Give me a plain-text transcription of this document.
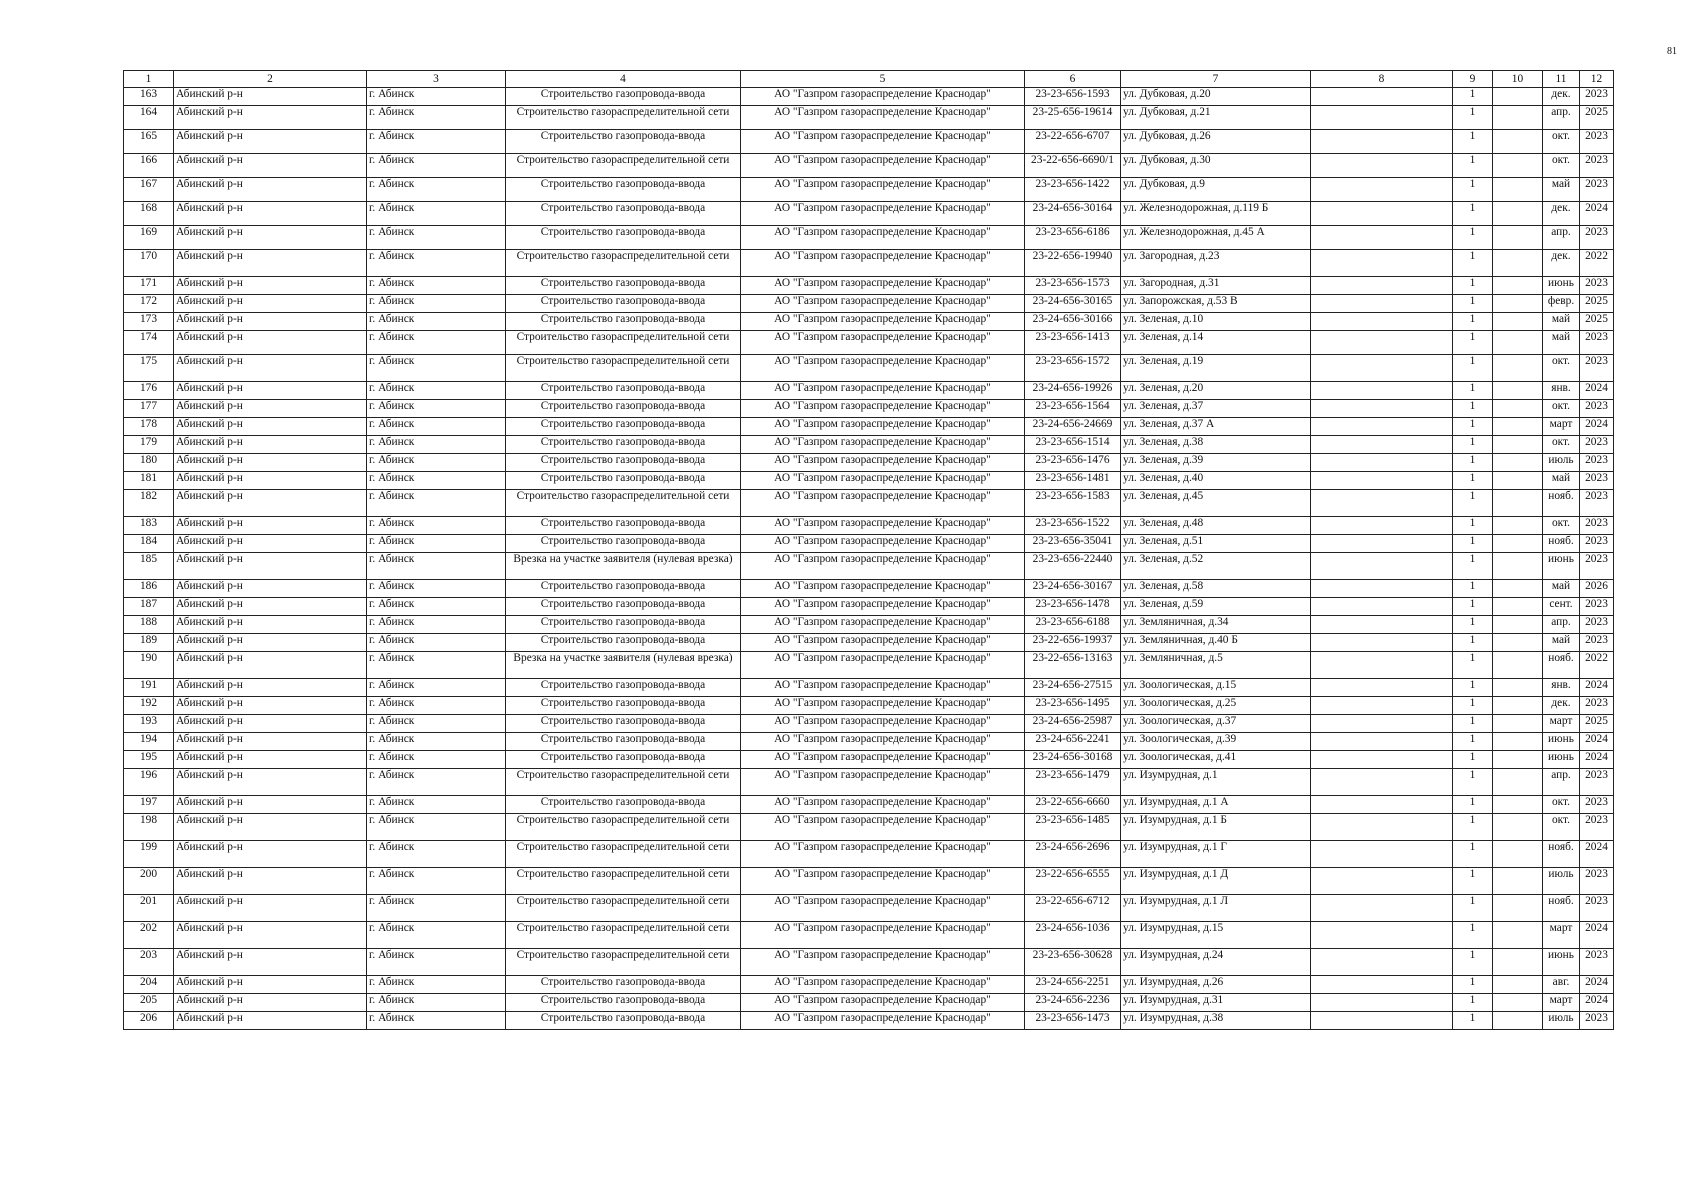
81
1	2	3	4	5	6	7	8	9	10	11	12
163	Абинский р-н	г. Абинск	Строительство газопровода-ввода	АО "Газпром газораспределение Краснодар"	23-23-656-1593	ул. Дубковая, д.20		1		дек.	2023
164	Абинский р-н	г. Абинск	Строительство газораспределительной сети	АО "Газпром газораспределение Краснодар"	23-25-656-19614	ул. Дубковая, д.21		1		апр.	2025
165	Абинский р-н	г. Абинск	Строительство газопровода-ввода	АО "Газпром газораспределение Краснодар"	23-22-656-6707	ул. Дубковая, д.26		1		окт.	2023
166	Абинский р-н	г. Абинск	Строительство газораспределительной сети	АО "Газпром газораспределение Краснодар"	23-22-656-6690/1	ул. Дубковая, д.30		1		окт.	2023
167	Абинский р-н	г. Абинск	Строительство газопровода-ввода	АО "Газпром газораспределение Краснодар"	23-23-656-1422	ул. Дубковая, д.9		1		май	2023
168	Абинский р-н	г. Абинск	Строительство газопровода-ввода	АО "Газпром газораспределение Краснодар"	23-24-656-30164	ул. Железнодорожная, д.119 Б		1		дек.	2024
169	Абинский р-н	г. Абинск	Строительство газопровода-ввода	АО "Газпром газораспределение Краснодар"	23-23-656-6186	ул. Железнодорожная, д.45 А		1		апр.	2023
170	Абинский р-н	г. Абинск	Строительство газораспределительной сети	АО "Газпром газораспределение Краснодар"	23-22-656-19940	ул. Загородная, д.23		1		дек.	2022
171	Абинский р-н	г. Абинск	Строительство газопровода-ввода	АО "Газпром газораспределение Краснодар"	23-23-656-1573	ул. Загородная, д.31		1		июнь	2023
172	Абинский р-н	г. Абинск	Строительство газопровода-ввода	АО "Газпром газораспределение Краснодар"	23-24-656-30165	ул. Запорожская, д.53 В		1		февр.	2025
173	Абинский р-н	г. Абинск	Строительство газопровода-ввода	АО "Газпром газораспределение Краснодар"	23-24-656-30166	ул. Зеленая, д.10		1		май	2025
174	Абинский р-н	г. Абинск	Строительство газораспределительной сети	АО "Газпром газораспределение Краснодар"	23-23-656-1413	ул. Зеленая, д.14		1		май	2023
175	Абинский р-н	г. Абинск	Строительство газораспределительной сети	АО "Газпром газораспределение Краснодар"	23-23-656-1572	ул. Зеленая, д.19		1		окт.	2023
176	Абинский р-н	г. Абинск	Строительство газопровода-ввода	АО "Газпром газораспределение Краснодар"	23-24-656-19926	ул. Зеленая, д.20		1		янв.	2024
177	Абинский р-н	г. Абинск	Строительство газопровода-ввода	АО "Газпром газораспределение Краснодар"	23-23-656-1564	ул. Зеленая, д.37		1		окт.	2023
178	Абинский р-н	г. Абинск	Строительство газопровода-ввода	АО "Газпром газораспределение Краснодар"	23-24-656-24669	ул. Зеленая, д.37 А		1		март	2024
179	Абинский р-н	г. Абинск	Строительство газопровода-ввода	АО "Газпром газораспределение Краснодар"	23-23-656-1514	ул. Зеленая, д.38		1		окт.	2023
180	Абинский р-н	г. Абинск	Строительство газопровода-ввода	АО "Газпром газораспределение Краснодар"	23-23-656-1476	ул. Зеленая, д.39		1		июль	2023
181	Абинский р-н	г. Абинск	Строительство газопровода-ввода	АО "Газпром газораспределение Краснодар"	23-23-656-1481	ул. Зеленая, д.40		1		май	2023
182	Абинский р-н	г. Абинск	Строительство газораспределительной сети	АО "Газпром газораспределение Краснодар"	23-23-656-1583	ул. Зеленая, д.45		1		нояб.	2023
183	Абинский р-н	г. Абинск	Строительство газопровода-ввода	АО "Газпром газораспределение Краснодар"	23-23-656-1522	ул. Зеленая, д.48		1		окт.	2023
184	Абинский р-н	г. Абинск	Строительство газопровода-ввода	АО "Газпром газораспределение Краснодар"	23-23-656-35041	ул. Зеленая, д.51		1		нояб.	2023
185	Абинский р-н	г. Абинск	Врезка на участке заявителя (нулевая врезка)	АО "Газпром газораспределение Краснодар"	23-23-656-22440	ул. Зеленая, д.52		1		июнь	2023
186	Абинский р-н	г. Абинск	Строительство газопровода-ввода	АО "Газпром газораспределение Краснодар"	23-24-656-30167	ул. Зеленая, д.58		1		май	2026
187	Абинский р-н	г. Абинск	Строительство газопровода-ввода	АО "Газпром газораспределение Краснодар"	23-23-656-1478	ул. Зеленая, д.59		1		сент.	2023
188	Абинский р-н	г. Абинск	Строительство газопровода-ввода	АО "Газпром газораспределение Краснодар"	23-23-656-6188	ул. Земляничная, д.34		1		апр.	2023
189	Абинский р-н	г. Абинск	Строительство газопровода-ввода	АО "Газпром газораспределение Краснодар"	23-22-656-19937	ул. Земляничная, д.40 Б		1		май	2023
190	Абинский р-н	г. Абинск	Врезка на участке заявителя (нулевая врезка)	АО "Газпром газораспределение Краснодар"	23-22-656-13163	ул. Земляничная, д.5		1		нояб.	2022
191	Абинский р-н	г. Абинск	Строительство газопровода-ввода	АО "Газпром газораспределение Краснодар"	23-24-656-27515	ул. Зоологическая, д.15		1		янв.	2024
192	Абинский р-н	г. Абинск	Строительство газопровода-ввода	АО "Газпром газораспределение Краснодар"	23-23-656-1495	ул. Зоологическая, д.25		1		дек.	2023
193	Абинский р-н	г. Абинск	Строительство газопровода-ввода	АО "Газпром газораспределение Краснодар"	23-24-656-25987	ул. Зоологическая, д.37		1		март	2025
194	Абинский р-н	г. Абинск	Строительство газопровода-ввода	АО "Газпром газораспределение Краснодар"	23-24-656-2241	ул. Зоологическая, д.39		1		июнь	2024
195	Абинский р-н	г. Абинск	Строительство газопровода-ввода	АО "Газпром газораспределение Краснодар"	23-24-656-30168	ул. Зоологическая, д.41		1		июнь	2024
196	Абинский р-н	г. Абинск	Строительство газораспределительной сети	АО "Газпром газораспределение Краснодар"	23-23-656-1479	ул. Изумрудная, д.1		1		апр.	2023
197	Абинский р-н	г. Абинск	Строительство газопровода-ввода	АО "Газпром газораспределение Краснодар"	23-22-656-6660	ул. Изумрудная, д.1 А		1		окт.	2023
198	Абинский р-н	г. Абинск	Строительство газораспределительной сети	АО "Газпром газораспределение Краснодар"	23-23-656-1485	ул. Изумрудная, д.1 Б		1		окт.	2023
199	Абинский р-н	г. Абинск	Строительство газораспределительной сети	АО "Газпром газораспределение Краснодар"	23-24-656-2696	ул. Изумрудная, д.1 Г		1		нояб.	2024
200	Абинский р-н	г. Абинск	Строительство газораспределительной сети	АО "Газпром газораспределение Краснодар"	23-22-656-6555	ул. Изумрудная, д.1 Д		1		июль	2023
201	Абинский р-н	г. Абинск	Строительство газораспределительной сети	АО "Газпром газораспределение Краснодар"	23-22-656-6712	ул. Изумрудная, д.1 Л		1		нояб.	2023
202	Абинский р-н	г. Абинск	Строительство газораспределительной сети	АО "Газпром газораспределение Краснодар"	23-24-656-1036	ул. Изумрудная, д.15		1		март	2024
203	Абинский р-н	г. Абинск	Строительство газораспределительной сети	АО "Газпром газораспределение Краснодар"	23-23-656-30628	ул. Изумрудная, д.24		1		июнь	2023
204	Абинский р-н	г. Абинск	Строительство газопровода-ввода	АО "Газпром газораспределение Краснодар"	23-24-656-2251	ул. Изумрудная, д.26		1		авг.	2024
205	Абинский р-н	г. Абинск	Строительство газопровода-ввода	АО "Газпром газораспределение Краснодар"	23-24-656-2236	ул. Изумрудная, д.31		1		март	2024
206	Абинский р-н	г. Абинск	Строительство газопровода-ввода	АО "Газпром газораспределение Краснодар"	23-23-656-1473	ул. Изумрудная, д.38		1		июль	2023
